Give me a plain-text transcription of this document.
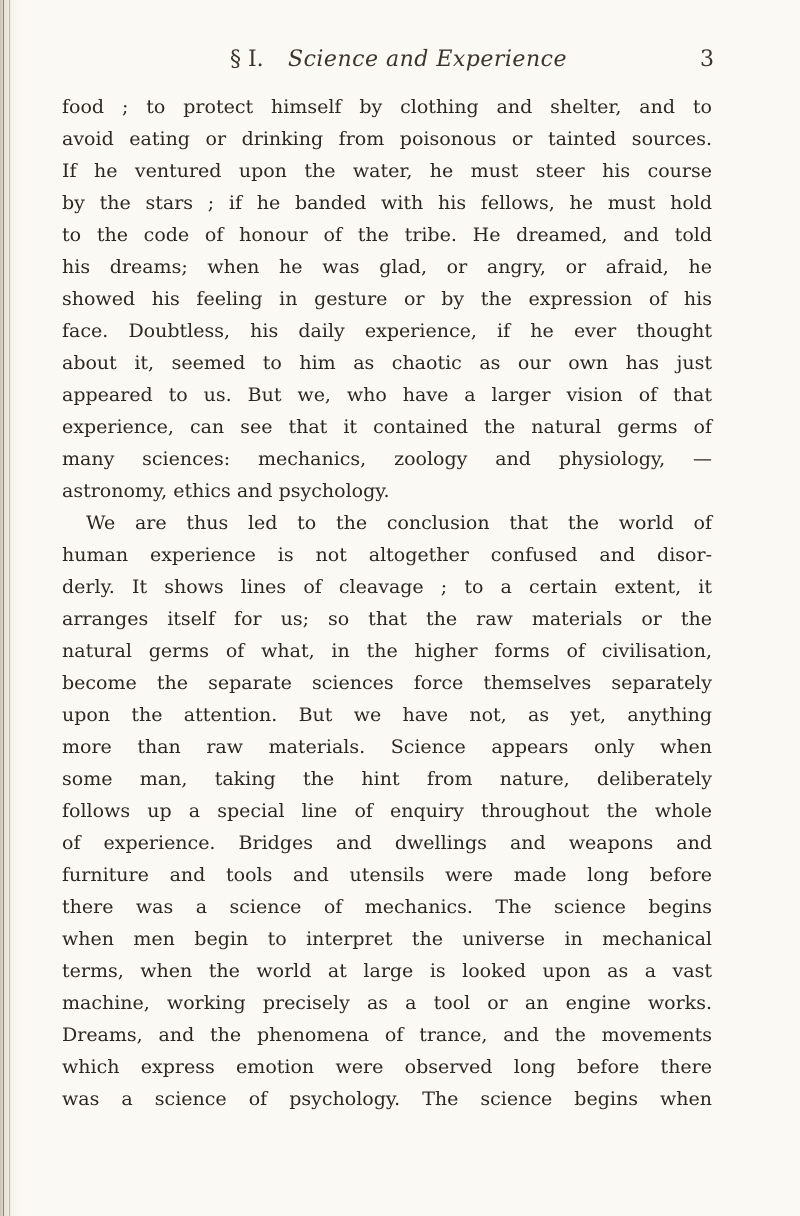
§ I. Science and Experience	3
food ; to protect himself by clothing and shelter, and to
avoid eating or drinking from poisonous or tainted sources.
If he ventured upon the water, he must steer his course
by the stars ; if he banded with his fellows, he must hold
to the code of honour of the tribe. He dreamed, and told
his dreams; when he was glad, or angry, or afraid, he
showed his feeling in gesture or by the expression of his
face. Doubtless, his daily experience, if he ever thought
about it, seemed to him as chaotic as our own has just
appeared to us. But we, who have a larger vision of that
experience, can see that it contained the natural germs of
many sciences: mechanics, zoology and physiology, —
astronomy, ethics and psychology.
We are thus led to the conclusion that the world of
human experience is not altogether confused and disor-
derly. It shows lines of cleavage ; to a certain extent, it
arranges itself for us; so that the raw materials or the
natural germs of what, in the higher forms of civilisation,
become the separate sciences force themselves separately
upon the attention. But we have not, as yet, anything
more than raw materials. Science appears only when
some man, taking the hint from nature, deliberately
follows up a special line of enquiry throughout the whole
of experience. Bridges and dwellings and weapons and
furniture and tools and utensils were made long before
there was a science of mechanics. The science begins
when men begin to interpret the universe in mechanical
terms, when the world at large is looked upon as a vast
machine, working precisely as a tool or an engine works.
Dreams, and the phenomena of trance, and the movements
which express emotion were observed long before there
was a science of psychology. The science begins when
